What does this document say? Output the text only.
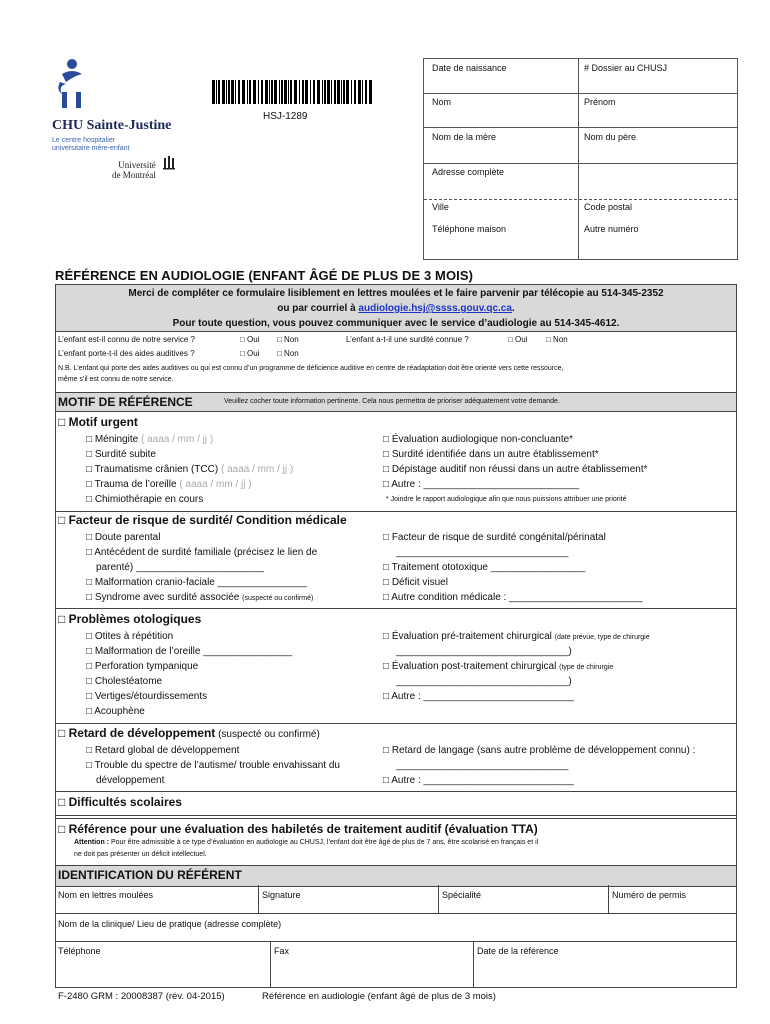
CHU Sainte-Justine
Le centre hospitalier
universitaire mère-enfant
Université
de Montréal
HSJ-1289
Date de naissance	# Dossier au CHUSJ
Nom	Prénom
Nom de la mère	Nom du père
Adresse complète
Ville	Code postal
Téléphone maison	Autre numéro
RÉFÉRENCE EN AUDIOLOGIE (ENFANT ÂGÉ DE PLUS DE 3 MOIS)
Merci de compléter ce formulaire lisiblement en lettres moulées et le faire parvenir par télécopie au 514-345-2352
ou par courriel à audiologie.hsj@ssss.gouv.qc.ca.
Pour toute question, vous pouvez communiquer avec le service d’audiologie au 514-345-4612.
L’enfant est-il connu de notre service ?	□ Oui □ Non	L’enfant a-t-il une surdité connue ?	□ Oui □ Non
L’enfant porte-t-il des aides auditives ?	□ Oui □ Non
N.B. L’enfant qui porte des aides auditives ou qui est connu d’un programme de déficience auditive en centre de réadaptation doit être orienté vers cette ressource,
même s’il est connu de notre service.
MOTIF DE RÉFÉRENCE	Veuillez cocher toute information pertinente. Cela nous permettra de prioriser adéquatement votre demande.
□ Motif urgent
□ Méningite ( aaaa / mm / jj )
□ Surdité subite
□ Traumatisme crânien (TCC) ( aaaa / mm / jj )
□ Trauma de l’oreille ( aaaa / mm / jj )
□ Chimiothérapie en cours
□ Évaluation audiologique non-concluante*
□ Surdité identifiée dans un autre établissement*
□ Dépistage auditif non réussi dans un autre établissement*
□ Autre : ____________________________
* Joindre le rapport audiologique afin que nous puissions attribuer une priorité
□ Facteur de risque de surdité/ Condition médicale
□ Doute parental
□ Antécédent de surdité familiale (précisez le lien de
parenté) _______________________
□ Malformation cranio-faciale ________________
□ Syndrome avec surdité associée (suspecté ou confirmé)
□ Facteur de risque de surdité congénital/périnatal
_______________________________
□ Traitement ototoxique _________________
□ Déficit visuel
□ Autre condition médicale : ________________________
□ Problèmes otologiques
□ Otites à répétition
□ Malformation de l’oreille ________________
□ Perforation tympanique
□ Cholestéatome
□ Vertiges/étourdissements
□ Acouphène
□ Évaluation pré-traitement chirurgical (date prévue, type de chirurgie
_______________________________)
□ Évaluation post-traitement chirurgical (type de chirurgie
_______________________________)
□ Autre : ___________________________
□ Retard de développement (suspecté ou confirmé)
□ Retard global de développement
□ Trouble du spectre de l’autisme/ trouble envahissant du
développement
□ Retard de langage (sans autre problème de développement connu) :
_______________________________
□ Autre : ___________________________
□ Difficultés scolaires
□ Référence pour une évaluation des habiletés de traitement auditif (évaluation TTA)
Attention : Pour être admissible à ce type d’évaluation en audiologie au CHUSJ, l’enfant doit être âgé de plus de 7 ans, être scolarisé en français et il
ne doit pas présenter un déficit intellectuel.
IDENTIFICATION DU RÉFÉRENT
Nom en lettres moulées	Signature	Spécialité	Numéro de permis
Nom de la clinique/ Lieu de pratique (adresse complète)
Téléphone	Fax	Date de la référence
F-2480 GRM : 20008387 (rév. 04-2015)	Référence en audiologie (enfant âgé de plus de 3 mois)
